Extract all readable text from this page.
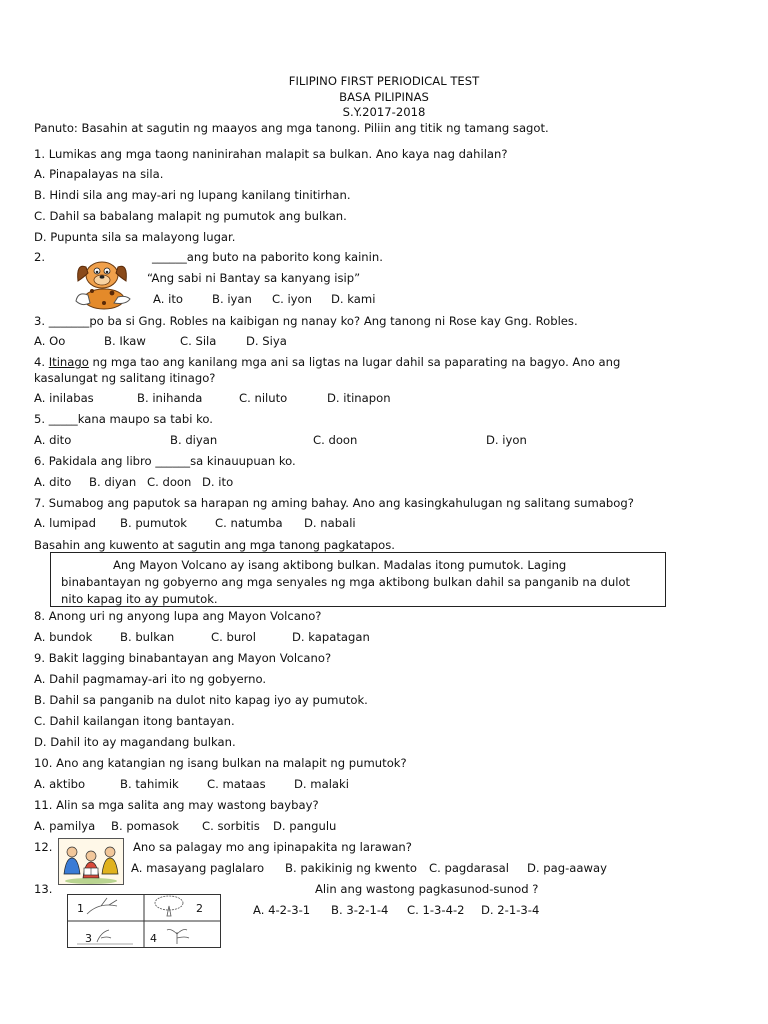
FILIPINO FIRST PERIODICAL TEST
BASA PILIPINAS
S.Y.2017-2018
Panuto: Basahin at sagutin ng maayos ang mga tanong. Piliin ang titik ng tamang sagot.
1. Lumikas ang mga taong naninirahan malapit sa bulkan. Ano kaya nag dahilan?
A. Pinapalayas na sila.
B. Hindi sila ang may-ari ng lupang kanilang tinitirhan.
C. Dahil sa babalang malapit ng pumutok ang bulkan.
D. Pupunta sila sa malayong lugar.
2.	______ang buto na paborito kong kainin.
“Ang sabi ni Bantay sa kanyang isip”
A. ito	B. iyan C. iyon D. kami
3. _______po ba si Gng. Robles na kaibigan ng nanay ko? Ang tanong ni Rose kay Gng. Robles.
A. Oo	B. Ikaw	C. Sila	D. Siya
4. Itinago ng mga tao ang kanilang mga ani sa ligtas na lugar dahil sa paparating na bagyo. Ano ang
kasalungat ng salitang itinago?
A. inilabas	B. inihanda	C. niluto	D. itinapon
5. _____kana maupo sa tabi ko.
A. dito	B. diyan	C. doon	D. iyon
6. Pakidala ang libro ______sa kinauupuan ko.
A. dito B. diyan C. doon D. ito
7. Sumabog ang paputok sa harapan ng aming bahay. Ano ang kasingkahulugan ng salitang sumabog?
A. lumipad B. pumutok C. natumba D. nabali
Basahin ang kuwento at sagutin ang mga tanong pagkatapos.
Ang Mayon Volcano ay isang aktibong bulkan. Madalas itong pumutok. Laging
binabantayan ng gobyerno ang mga senyales ng mga aktibong bulkan dahil sa panganib na dulot
nito kapag ito ay pumutok.
8. Anong uri ng anyong lupa ang Mayon Volcano?
A. bundok B. bulkan	C. burol	D. kapatagan
9. Bakit lagging binabantayan ang Mayon Volcano?
A. Dahil pagmamay-ari ito ng gobyerno.
B. Dahil sa panganib na dulot nito kapag iyo ay pumutok.
C. Dahil kailangan itong bantayan.
D. Dahil ito ay magandang bulkan.
10. Ano ang katangian ng isang bulkan na malapit ng pumutok?
A. aktibo	B. tahimik C. mataas D. malaki
11. Alin sa mga salita ang may wastong baybay?
A. pamilya B. pomasok C. sorbitis D. pangulu
12.	Ano sa palagay mo ang ipinapakita ng larawan?
A. masayang paglalaro B. pakikinig ng kwento C. pagdarasal D. pag-aaway
13.	Alin ang wastong pagkasunod-sunod ?
1	2
3	4
A. 4-2-3-1 B. 3-2-1-4 C. 1-3-4-2 D. 2-1-3-4
